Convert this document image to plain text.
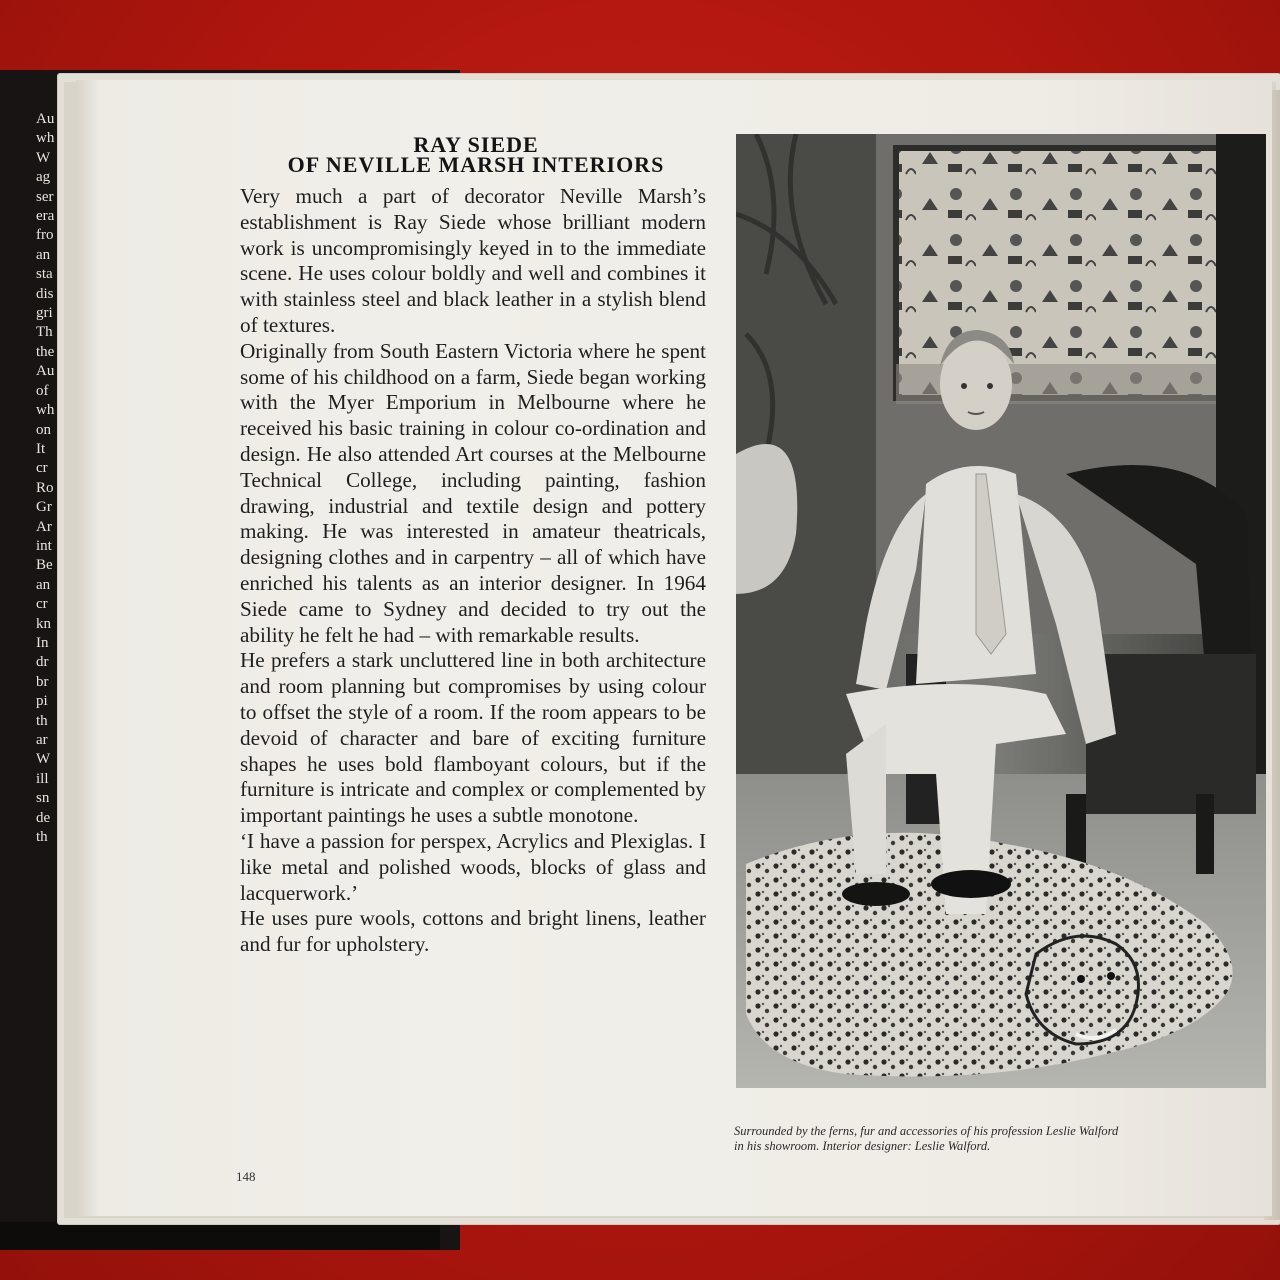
Au
wh
W
ag
ser
era
fro
an
sta
dis
gri
Th
the
Au
of
wh
on
It
cr
Ro
Gr
Ar
int
Be
an
cr
kn
In
dr
br
pi
th
ar
W
ill
sn
de
th
RAY SIEDE
OF NEVILLE MARSH INTERIORS

Very much a part of decorator Neville Marsh’s establishment is Ray Siede whose brilliant modern work is uncompromisingly keyed in to the immediate scene. He uses colour boldly and well and combines it with stainless steel and black leather in a stylish blend of textures.

Originally from South Eastern Victoria where he spent some of his childhood on a farm, Siede began working with the Myer Emporium in Melbourne where he received his basic training in colour co-ordination and design. He also attended Art courses at the Melbourne Technical College, including painting, fashion drawing, industrial and textile design and pottery making. He was interested in amateur theatricals, designing clothes and in carpentry – all of which have enriched his talents as an interior designer. In 1964 Siede came to Sydney and decided to try out the ability he felt he had – with remarkable results.

He prefers a stark uncluttered line in both architecture and room planning but compromises by using colour to offset the style of a room. If the room appears to be devoid of character and bare of exciting furniture shapes he uses bold flamboyant colours, but if the furniture is intricate and complex or complemented by important paintings he uses a subtle monotone.

‘I have a passion for perspex, Acrylics and Plexiglas. I like metal and polished woods, blocks of glass and lacquerwork.’

He uses pure wools, cottons and bright linens, leather and fur for upholstery.

Surrounded by the ferns, fur and accessories of his profession Leslie Walford
in his showroom. Interior designer: Leslie Walford.
148
